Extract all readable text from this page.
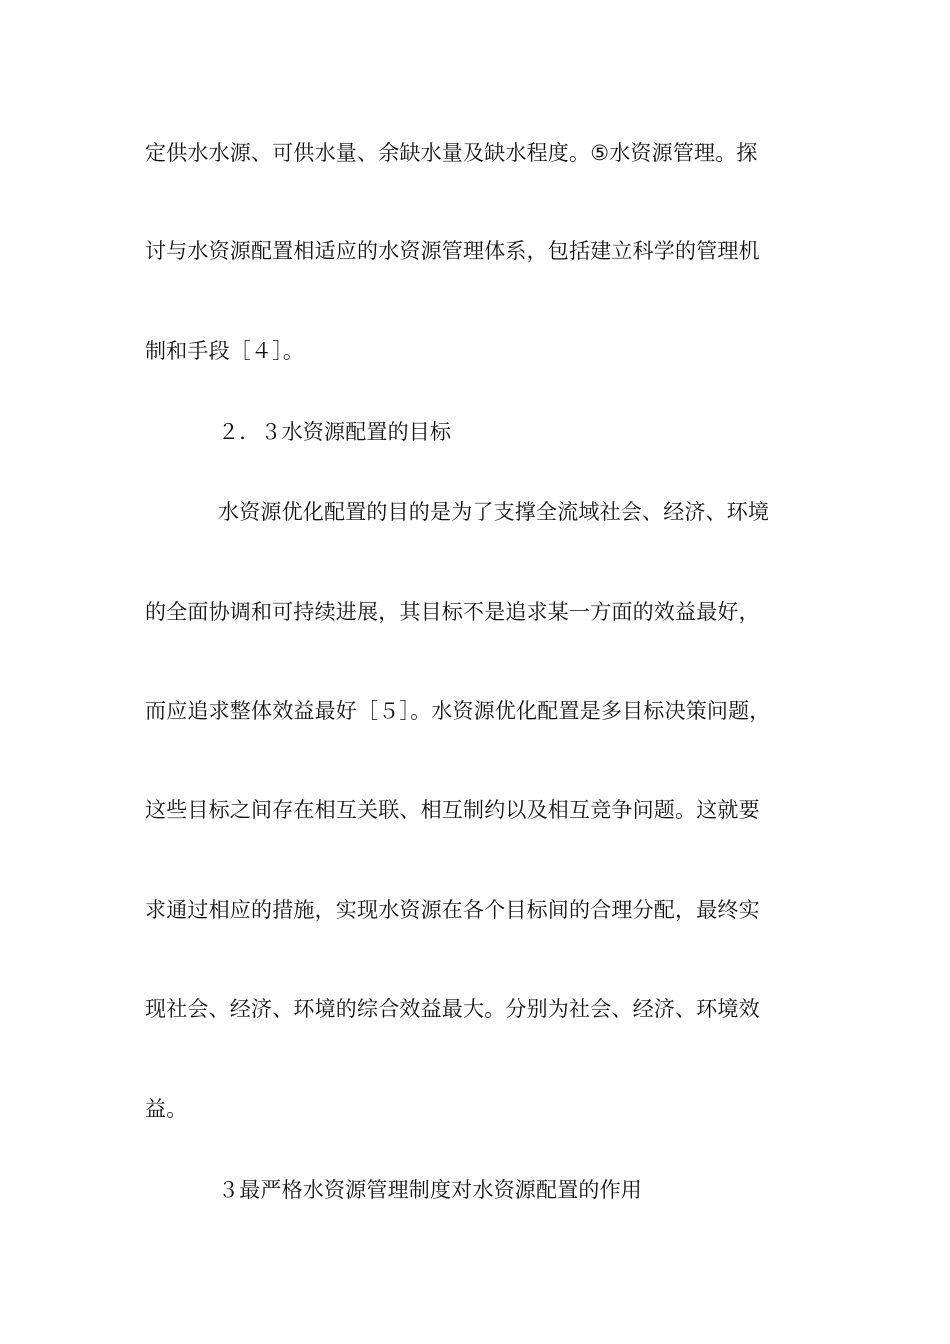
定供水水源、可供水量、余缺水量及缺水程度。⑤水资源管理。探
讨与水资源配置相适应的水资源管理体系，包括建立科学的管理机
制和手段［４］。
２．３水资源配置的目标
水资源优化配置的目的是为了支撑全流域社会、经济、环境
的全面协调和可持续进展，其目标不是追求某一方面的效益最好，
而应追求整体效益最好［５］。水资源优化配置是多目标决策问题，
这些目标之间存在相互关联、相互制约以及相互竞争问题。这就要
求通过相应的措施，实现水资源在各个目标间的合理分配，最终实
现社会、经济、环境的综合效益最大。分别为社会、经济、环境效
益。
３最严格水资源管理制度对水资源配置的作用
